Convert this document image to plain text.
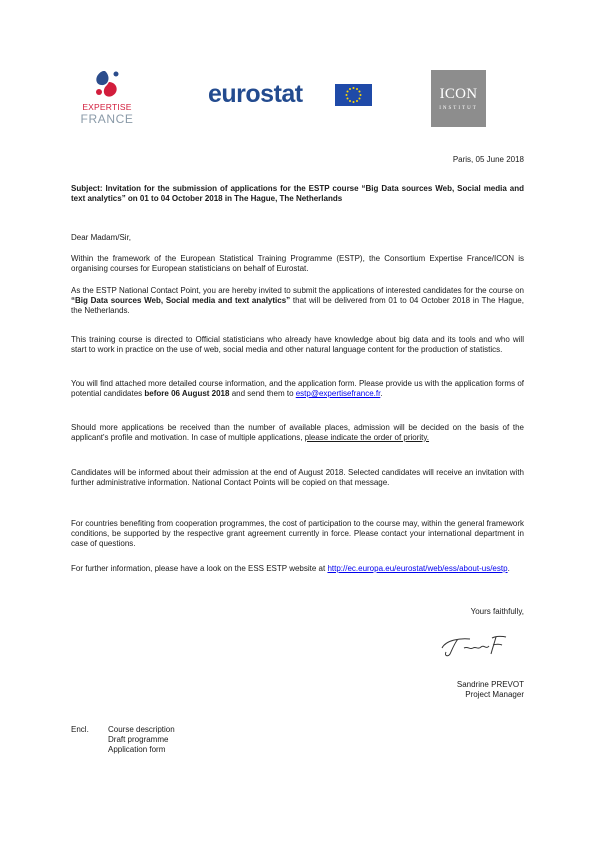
EXPERTISE
FRANCE
eurostat	ICON
INSTITUT
Paris, 05 June 2018
Subject: Invitation for the submission of applications for the ESTP course “Big Data sources Web, Social media and text analytics” on 01 to 04 October 2018 in The Hague, The Netherlands
Dear Madam/Sir,

Within the framework of the European Statistical Training Programme (ESTP), the Consortium Expertise France/ICON is organising courses for European statisticians on behalf of Eurostat.

As the ESTP National Contact Point, you are hereby invited to submit the applications of interested candidates for the course on “Big Data sources Web, Social media and text analytics” that will be delivered from 01 to 04 October 2018 in The Hague, the Netherlands.

This training course is directed to Official statisticians who already have knowledge about big data and its tools and who will start to work in practice on the use of web, social media and other natural language content for the production of statistics.

You will find attached more detailed course information, and the application form. Please provide us with the application forms of potential candidates before 06 August 2018 and send them to estp@expertisefrance.fr.

Should more applications be received than the number of available places, admission will be decided on the basis of the applicant's profile and motivation. In case of multiple applications, please indicate the order of priority.

Candidates will be informed about their admission at the end of August 2018. Selected candidates will receive an invitation with further administrative information. National Contact Points will be copied on that message.

For countries benefiting from cooperation programmes, the cost of participation to the course may, within the general framework conditions, be supported by the respective grant agreement currently in force. Please contact your international department in case of questions.

For further information, please have a look on the ESS ESTP website at http://ec.europa.eu/eurostat/web/ess/about-us/estp.

Yours faithfully,
Sandrine PREVOT
Project Manager
Encl. Course description
Draft programme
Application form
